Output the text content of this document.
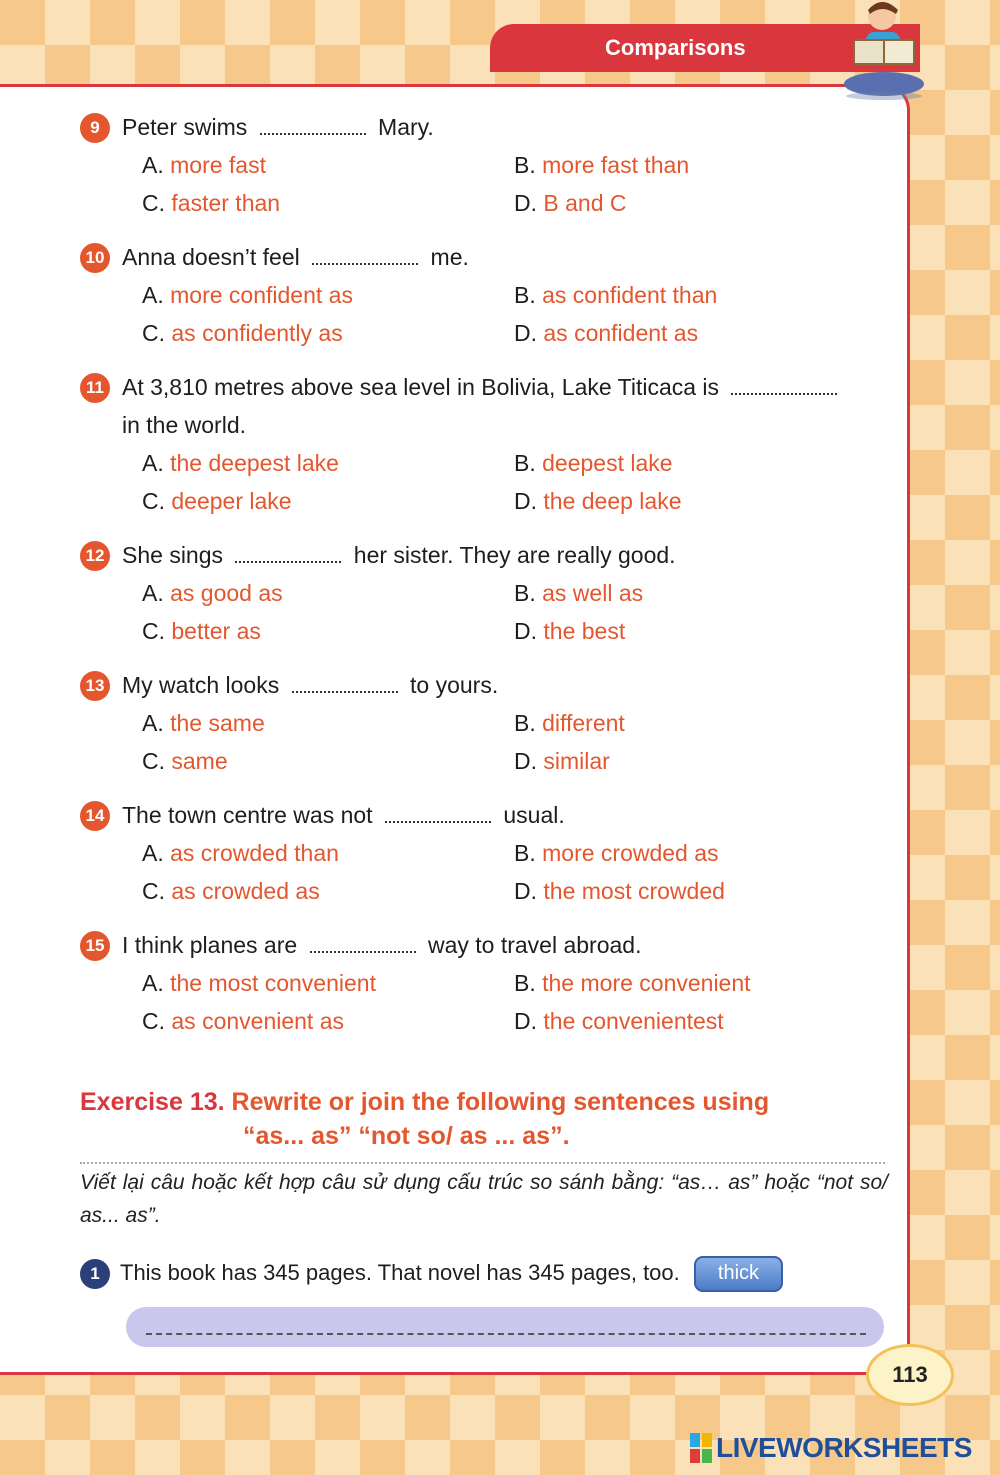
Comparisons
9 Peter swims	Mary.
A. more fast	B. more fast than
C. faster than	D. B and C
10 Anna doesn’t feel	me.
A. more confident as	B. as confident than
C. as confidently as	D. as confident as
11 At 3,810 metres above sea level in Bolivia, Lake Titicaca is
in the world.
A. the deepest lake	B. deepest lake
C. deeper lake	D. the deep lake
12 She sings	her sister. They are really good.
A. as good as	B. as well as
C. better as	D. the best
13 My watch looks	to yours.
A. the same	B. different
C. same	D. similar
14 The town centre was not	usual.
A. as crowded than	B. more crowded as
C. as crowded as	D. the most crowded
15 I think planes are	way to travel abroad.
A. the most convenient	B. the more convenient
C. as convenient as	D. the convenientest
Exercise 13. Rewrite or join the following sentences using
“as... as” “not so/ as ... as”.
Viết lại câu hoặc kết hợp câu sử dụng cấu trúc so sánh bằng: “as… as” hoặc “not so/ as... as”.
1 This book has 345 pages. That novel has 345 pages, too. thick
113
LIVEWORKSHEETS
